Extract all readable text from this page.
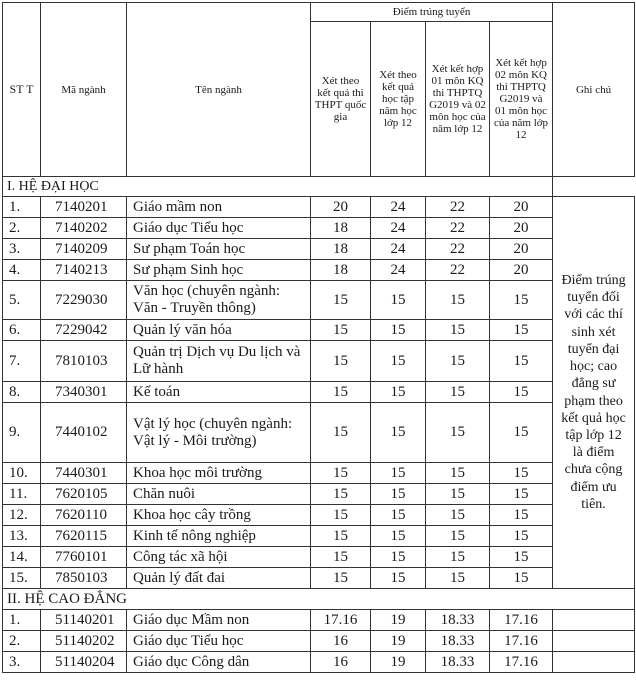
ST T	Mã ngành	Tên ngành	Điểm trúng tuyển				Ghi chú
			Xét theo kết quả thi THPT quốc gia	Xét theo kết quả học tập năm học lớp 12	Xét kết hợp 01 môn KQ thi THPTQ G2019 và 02 môn học của năm lớp 12	Xét kết hợp 02 môn KQ thi THPTQ G2019 và 01 môn học của năm lớp 12	
I. HỆ ĐẠI HỌC							
1.	7140201	Giáo mầm non	20	24	22	20	Điểm trúng tuyển đối với các thí sinh xét tuyển đại học; cao đẳng sư phạm theo kết quả học tập lớp 12 là điểm chưa cộng điểm ưu tiên.
2.	7140202	Giáo dục Tiểu học	18	24	22	20	
3.	7140209	Sư phạm Toán học	18	24	22	20	
4.	7140213	Sư phạm Sinh học	18	24	22	20	
5.	7229030	Văn học (chuyên ngành: Văn - Truyền thông)	15	15	15	15	
6.	7229042	Quản lý văn hóa	15	15	15	15	
7.	7810103	Quản trị Dịch vụ Du lịch và Lữ hành	15	15	15	15	
8.	7340301	Kế toán	15	15	15	15	
9.	7440102	Vật lý học (chuyên ngành: Vật lý - Môi trường)	15	15	15	15	
10.	7440301	Khoa học môi trường	15	15	15	15	
11.	7620105	Chăn nuôi	15	15	15	15	
12.	7620110	Khoa học cây trồng	15	15	15	15	
13.	7620115	Kinh tế nông nghiệp	15	15	15	15	
14.	7760101	Công tác xã hội	15	15	15	15	
15.	7850103	Quản lý đất đai	15	15	15	15	
II. HỆ CAO ĐẲNG							
1.	51140201	Giáo dục Mầm non	17.16	19	18.33	17.16	
2.	51140202	Giáo dục Tiểu học	16	19	18.33	17.16	
3.	51140204	Giáo dục Công dân	16	19	18.33	17.16	
